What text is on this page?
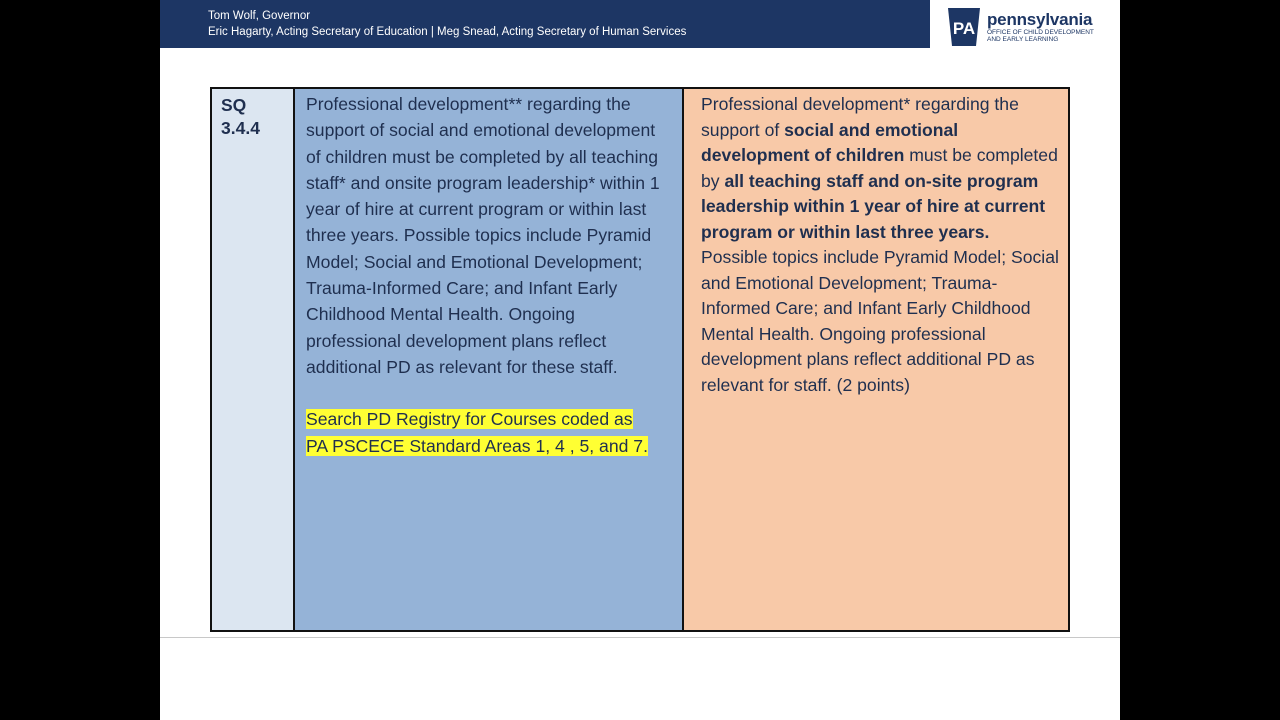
Tom Wolf, Governor
Eric Hagarty, Acting Secretary of Education | Meg Snead, Acting Secretary of Human Services	PA pennsylvania
OFFICE OF CHILD DEVELOPMENT
AND EARLY LEARNING
SQ
3.4.4
Professional development** regarding the support of social and emotional development of children must be completed by all teaching staff* and onsite program leadership* within 1 year of hire at current program or within last three years. Possible topics include Pyramid Model; Social and Emotional Development; Trauma-Informed Care; and Infant Early Childhood Mental Health. Ongoing professional development plans reflect additional PD as relevant for these staff.
Search PD Registry for Courses coded as
PA PSCECE Standard Areas 1, 4 , 5, and 7.
Professional development* regarding the support of social and emotional development of children must be completed by all teaching staff and on-site program leadership within 1 year of hire at current program or within last three years. Possible topics include Pyramid Model; Social and Emotional Development; Trauma-Informed Care; and Infant Early Childhood Mental Health. Ongoing professional development plans reflect additional PD as relevant for staff. (2 points)
